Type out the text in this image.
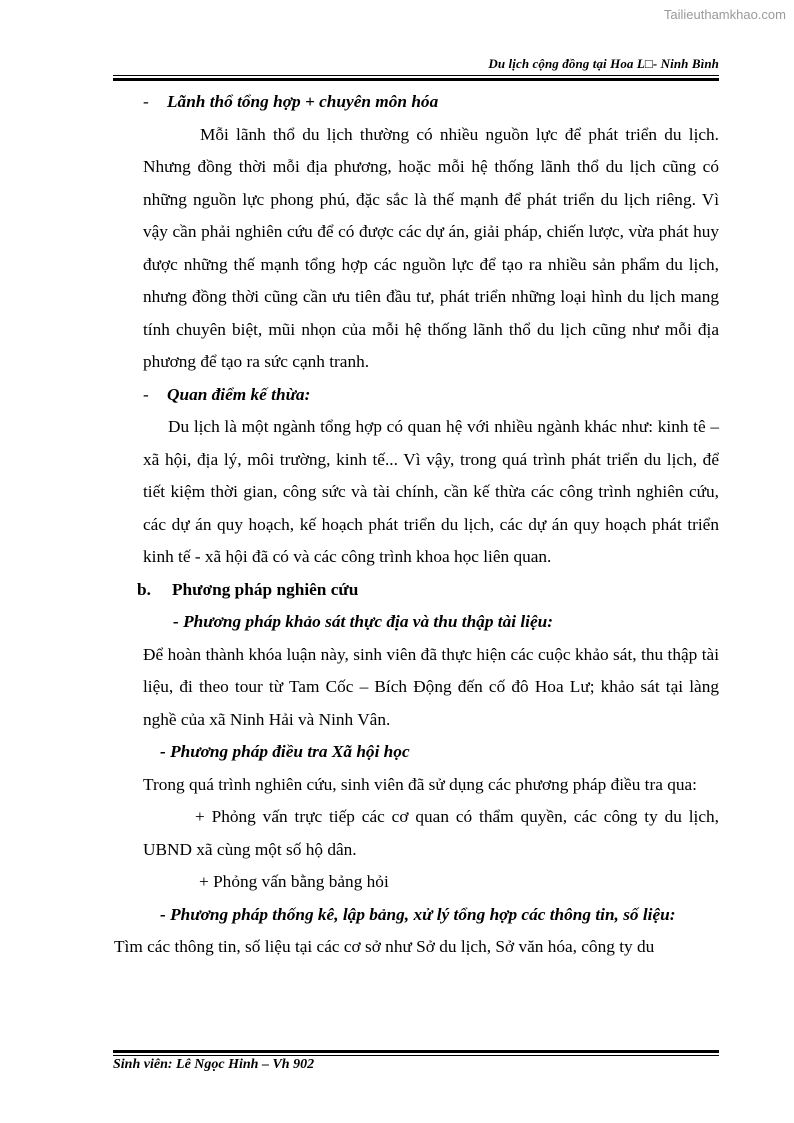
Tailieuthamkhao.com
Du lịch cộng đồng tại Hoa L□- Ninh Bình

- Lãnh thổ tổng hợp + chuyên môn hóa

Mỗi lãnh thổ du lịch thường có nhiều nguồn lực để phát triển du lịch. Nhưng đồng thời mỗi địa phương, hoặc mỗi hệ thống lãnh thổ du lịch cũng có những nguồn lực phong phú, đặc sắc là thế mạnh để phát triển du lịch riêng. Vì vậy cần phải nghiên cứu để có được các dự án, giải pháp, chiến lược, vừa phát huy được những thế mạnh tổng hợp các nguồn lực để tạo ra nhiều sản phẩm du lịch, nhưng đồng thời cũng cần ưu tiên đầu tư, phát triển những loại hình du lịch mang tính chuyên biệt, mũi nhọn của mỗi hệ thống lãnh thổ du lịch cũng như mỗi địa phương để tạo ra sức cạnh tranh.

- Quan điểm kế thừa:

Du lịch là một ngành tổng hợp có quan hệ với nhiều ngành khác như: kinh tê – xã hội, địa lý, môi trường, kinh tế... Vì vậy, trong quá trình phát triển du lịch, để tiết kiệm thời gian, công sức và tài chính, cần kế thừa các công trình nghiên cứu, các dự án quy hoạch, kế hoạch phát triển du lịch, các dự án quy hoạch phát triển kinh tế - xã hội đã có và các công trình khoa học liên quan.

b. Phương pháp nghiên cứu

- Phương pháp khảo sát thực địa và thu thập tài liệu:

Để hoàn thành khóa luận này, sinh viên đã thực hiện các cuộc khảo sát, thu thập tài liệu, đi theo tour từ Tam Cốc – Bích Động đến cố đô Hoa Lư; khảo sát tại làng nghề của xã Ninh Hải và Ninh Vân.

- Phương pháp điều tra Xã hội học

Trong quá trình nghiên cứu, sinh viên đã sử dụng các phương pháp điều tra qua:

+ Phỏng vấn trực tiếp các cơ quan có thẩm quyền, các công ty du lịch, UBND xã cùng một số hộ dân.

+ Phỏng vấn bằng bảng hỏi

- Phương pháp thống kê, lập bảng, xử lý tổng hợp các thông tin, số liệu:

Tìm các thông tin, số liệu tại các cơ sở như Sở du lịch, Sở văn hóa, công ty du

Sinh viên: Lê Ngọc Hinh – Vh 902
